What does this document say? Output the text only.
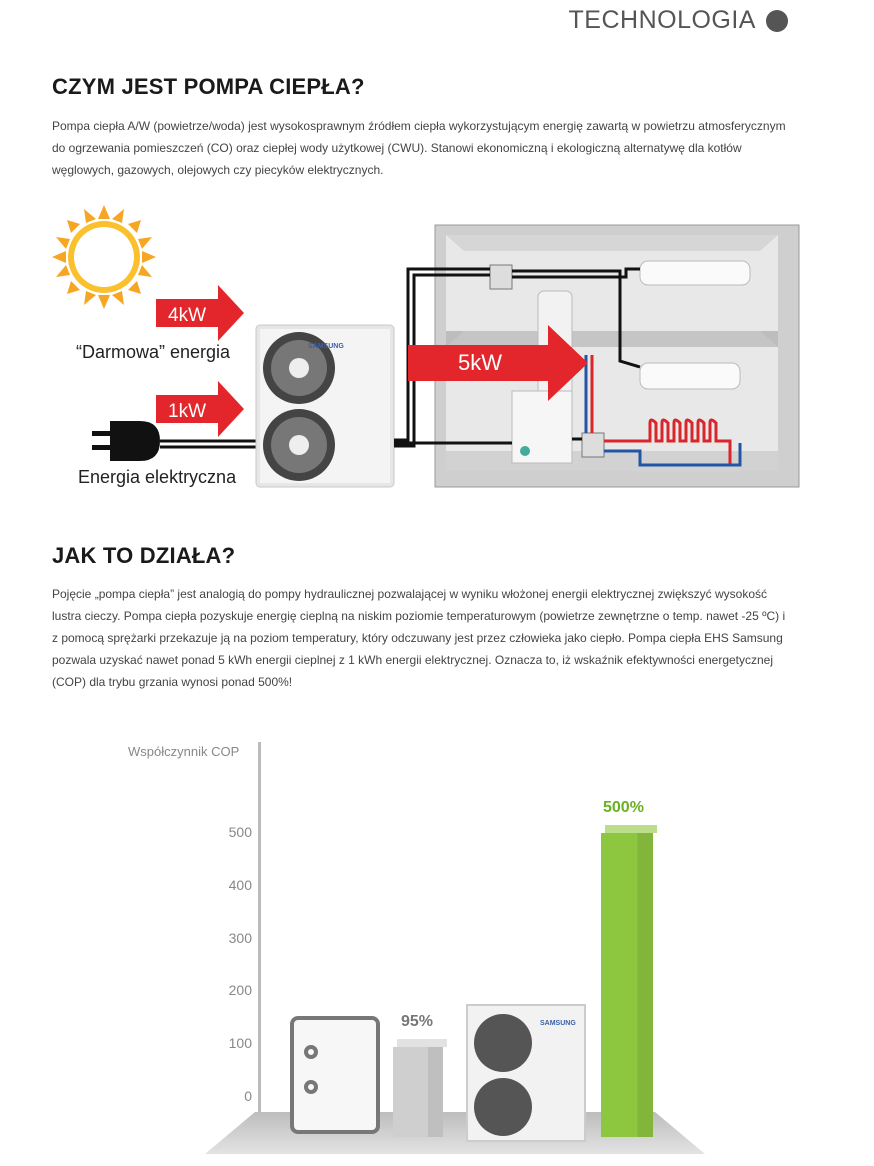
TECHNOLOGIA
CZYM JEST POMPA CIEPŁA?

Pompa ciepła A/W (powietrze/woda) jest wysokosprawnym źródłem ciepła wykorzystującym energię zawartą w powietrzu atmosferycznym do ogrzewania pomieszczeń (CO) oraz ciepłej wody użytkowej (CWU). Stanowi ekonomiczną i ekologiczną alternatywę dla kotłów węglowych, gazowych, olejowych czy piecyków elektrycznych.

4kW
1kW
5kW
SAMSUNG
“Darmowa” energia
Energia elektryczna
JAK TO DZIAŁA?

Pojęcie „pompa ciepła” jest analogią do pompy hydraulicznej pozwalającej w wyniku włożonej energii elektrycznej zwiększyć wysokość lustra cieczy. Pompa ciepła pozyskuje energię cieplną na niskim poziomie temperaturowym (powietrze zewnętrzne o temp. nawet -25 ºC) i z pomocą sprężarki przekazuje ją na poziom temperatury, który odczuwany jest przez człowieka jako ciepło. Pompa ciepła EHS Samsung pozwala uzyskać nawet ponad 5 kWh energii cieplnej z 1 kWh energii elektrycznej. Oznacza to, iż wskaźnik efektywności energetycznej (COP) dla trybu grzania wynosi ponad 500%!

Współczynnik COP
0
100
200
300
400
500
SAMSUNG
95%
500%
